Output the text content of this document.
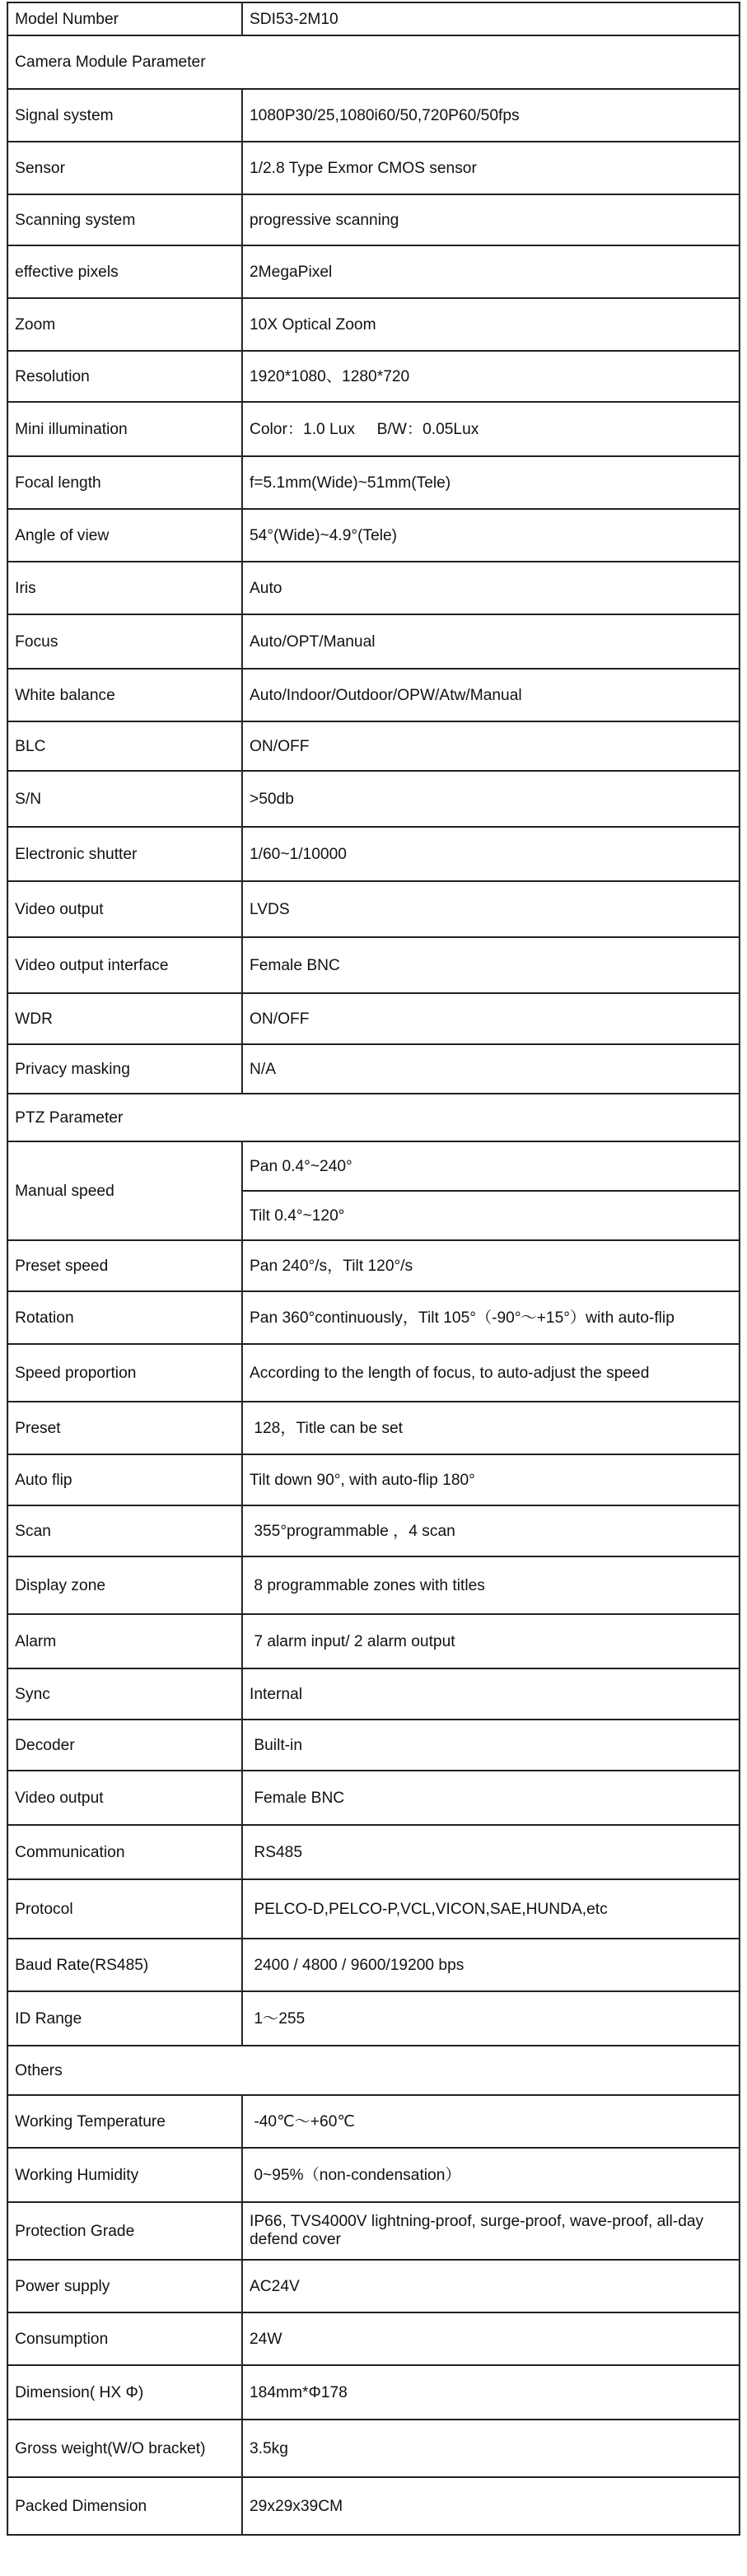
Model Number	SDI53-2M10
Camera Module Parameter	
Signal system	1080P30/25,1080i60/50,720P60/50fps
Sensor	1/2.8 Type Exmor CMOS sensor
Scanning system	progressive scanning
effective pixels	2MegaPixel
Zoom	10X Optical Zoom
Resolution	1920*1080、1280*720
Mini illumination	Color：1.0 Lux     B/W：0.05Lux
Focal length	f=5.1mm(Wide)~51mm(Tele)
Angle of view	54°(Wide)~4.9°(Tele)
Iris	Auto
Focus	Auto/OPT/Manual
White balance	Auto/Indoor/Outdoor/OPW/Atw/Manual
BLC	ON/OFF
S/N	>50db
Electronic shutter	1/60~1/10000
Video output	LVDS
Video output interface	Female BNC
WDR	ON/OFF
Privacy masking	N/A
PTZ Parameter	
Manual speed	Pan 0.4°~240°
	Tilt 0.4°~120°
Preset speed	Pan 240°/s，Tilt 120°/s
Rotation	Pan 360°continuously，Tilt 105°（-90°～+15°）with auto-flip
Speed proportion	According to the length of focus, to auto-adjust the speed
Preset	128，Title can be set
Auto flip	Tilt down 90°, with auto-flip 180°
Scan	355°programmable ，4 scan
Display zone	8 programmable zones with titles
Alarm	7 alarm input/ 2 alarm output
Sync	Internal
Decoder	Built-in
Video output	Female BNC
Communication	RS485
Protocol	PELCO-D,PELCO-P,VCL,VICON,SAE,HUNDA,etc
Baud Rate(RS485)	2400 / 4800 / 9600/19200 bps
ID Range	1～255
Others	
Working Temperature	-40℃～+60℃
Working Humidity	0~95%（non-condensation）
Protection Grade	IP66, TVS4000V lightning-proof, surge-proof, wave-proof, all-day defend cover
Power supply	AC24V
Consumption	24W
Dimension( HX Φ)	184mm*Φ178
Gross weight(W/O bracket)	3.5kg
Packed Dimension	29x29x39CM
